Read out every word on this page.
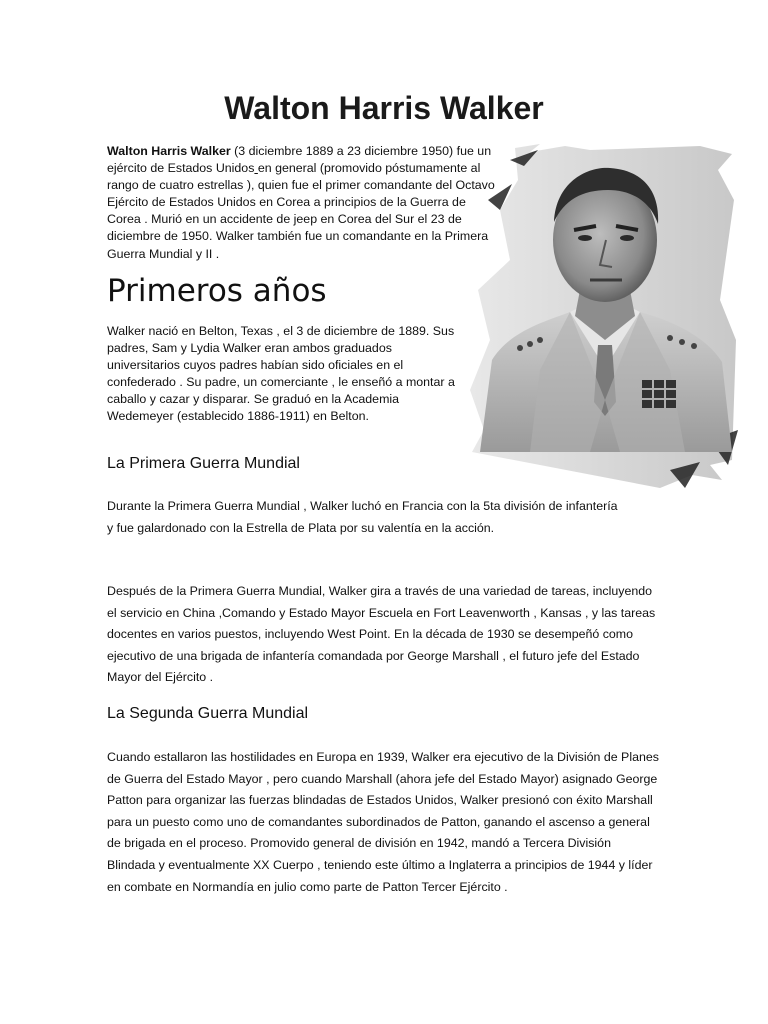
Walton Harris Walker
Walton Harris Walker (3 diciembre 1889 a 23 diciembre 1950) fue un ejército de Estados Unidos en general (promovido póstumamente al rango de cuatro estrellas ), quien fue el primer comandante del Octavo Ejército de Estados Unidos en Corea a principios de la Guerra de Corea . Murió en un accidente de jeep en Corea del Sur el 23 de diciembre de 1950. Walker también fue un comandante en la Primera Guerra Mundial y II .
Primeros años
Walker nació en Belton, Texas , el 3 de diciembre de 1889. Sus padres, Sam y Lydia Walker eran ambos graduados universitarios cuyos padres habían sido oficiales en el confederado . Su padre, un comerciante , le enseñó a montar a caballo y cazar y disparar. Se graduó en la Academia Wedemeyer (establecido 1886-1911) en Belton.
La Primera Guerra Mundial

Durante la Primera Guerra Mundial , Walker luchó en Francia con la 5ta división de infantería y fue galardonado con la Estrella de Plata por su valentía en la acción.

Después de la Primera Guerra Mundial, Walker gira a través de una variedad de tareas, incluyendo el servicio en China ,Comando y Estado Mayor Escuela en Fort Leavenworth , Kansas , y las tareas docentes en varios puestos, incluyendo West Point. En la década de 1930 se desempeñó como ejecutivo de una brigada de infantería comandada por George Marshall , el futuro jefe del Estado Mayor del Ejército .

La Segunda Guerra Mundial

Cuando estallaron las hostilidades en Europa en 1939, Walker era ejecutivo de la División de Planes de Guerra del Estado Mayor , pero cuando Marshall (ahora jefe del Estado Mayor) asignado George Patton para organizar las fuerzas blindadas de Estados Unidos, Walker presionó con éxito Marshall para un puesto como uno de comandantes subordinados de Patton, ganando el ascenso a general de brigada en el proceso. Promovido general de división en 1942, mandó a Tercera División Blindada y eventualmente XX Cuerpo , teniendo este último a Inglaterra a principios de 1944 y líder en combate en Normandía en julio como parte de Patton Tercer Ejército .
